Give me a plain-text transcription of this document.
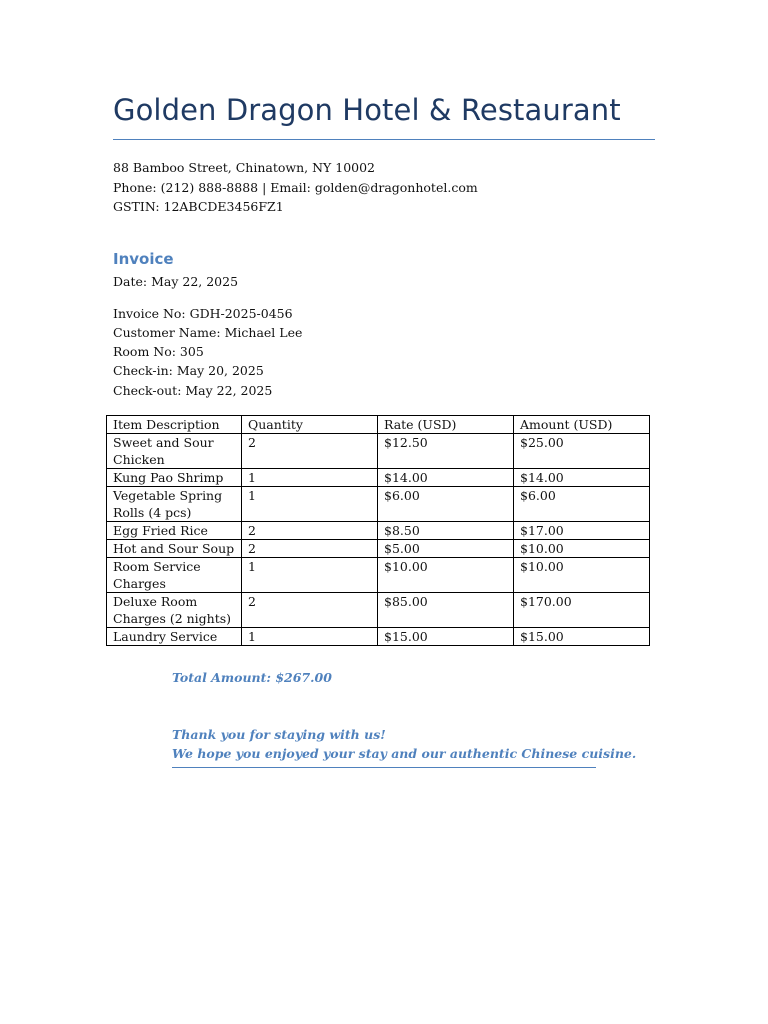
Golden Dragon Hotel & Restaurant
88 Bamboo Street, Chinatown, NY 10002
Phone: (212) 888-8888 | Email: golden@dragonhotel.com
GSTIN: 12ABCDE3456FZ1
Invoice
Date: May 22, 2025
Invoice No: GDH-2025-0456
Customer Name: Michael Lee
Room No: 305
Check-in: May 20, 2025
Check-out: May 22, 2025
Item Description	Quantity	Rate (USD)	Amount (USD)
Sweet and Sour Chicken	2	$12.50	$25.00
Kung Pao Shrimp	1	$14.00	$14.00
Vegetable Spring Rolls (4 pcs)	1	$6.00	$6.00
Egg Fried Rice	2	$8.50	$17.00
Hot and Sour Soup	2	$5.00	$10.00
Room Service Charges	1	$10.00	$10.00
Deluxe Room Charges (2 nights)	2	$85.00	$170.00
Laundry Service	1	$15.00	$15.00
Total Amount: $267.00
Thank you for staying with us!
We hope you enjoyed your stay and our authentic Chinese cuisine.
